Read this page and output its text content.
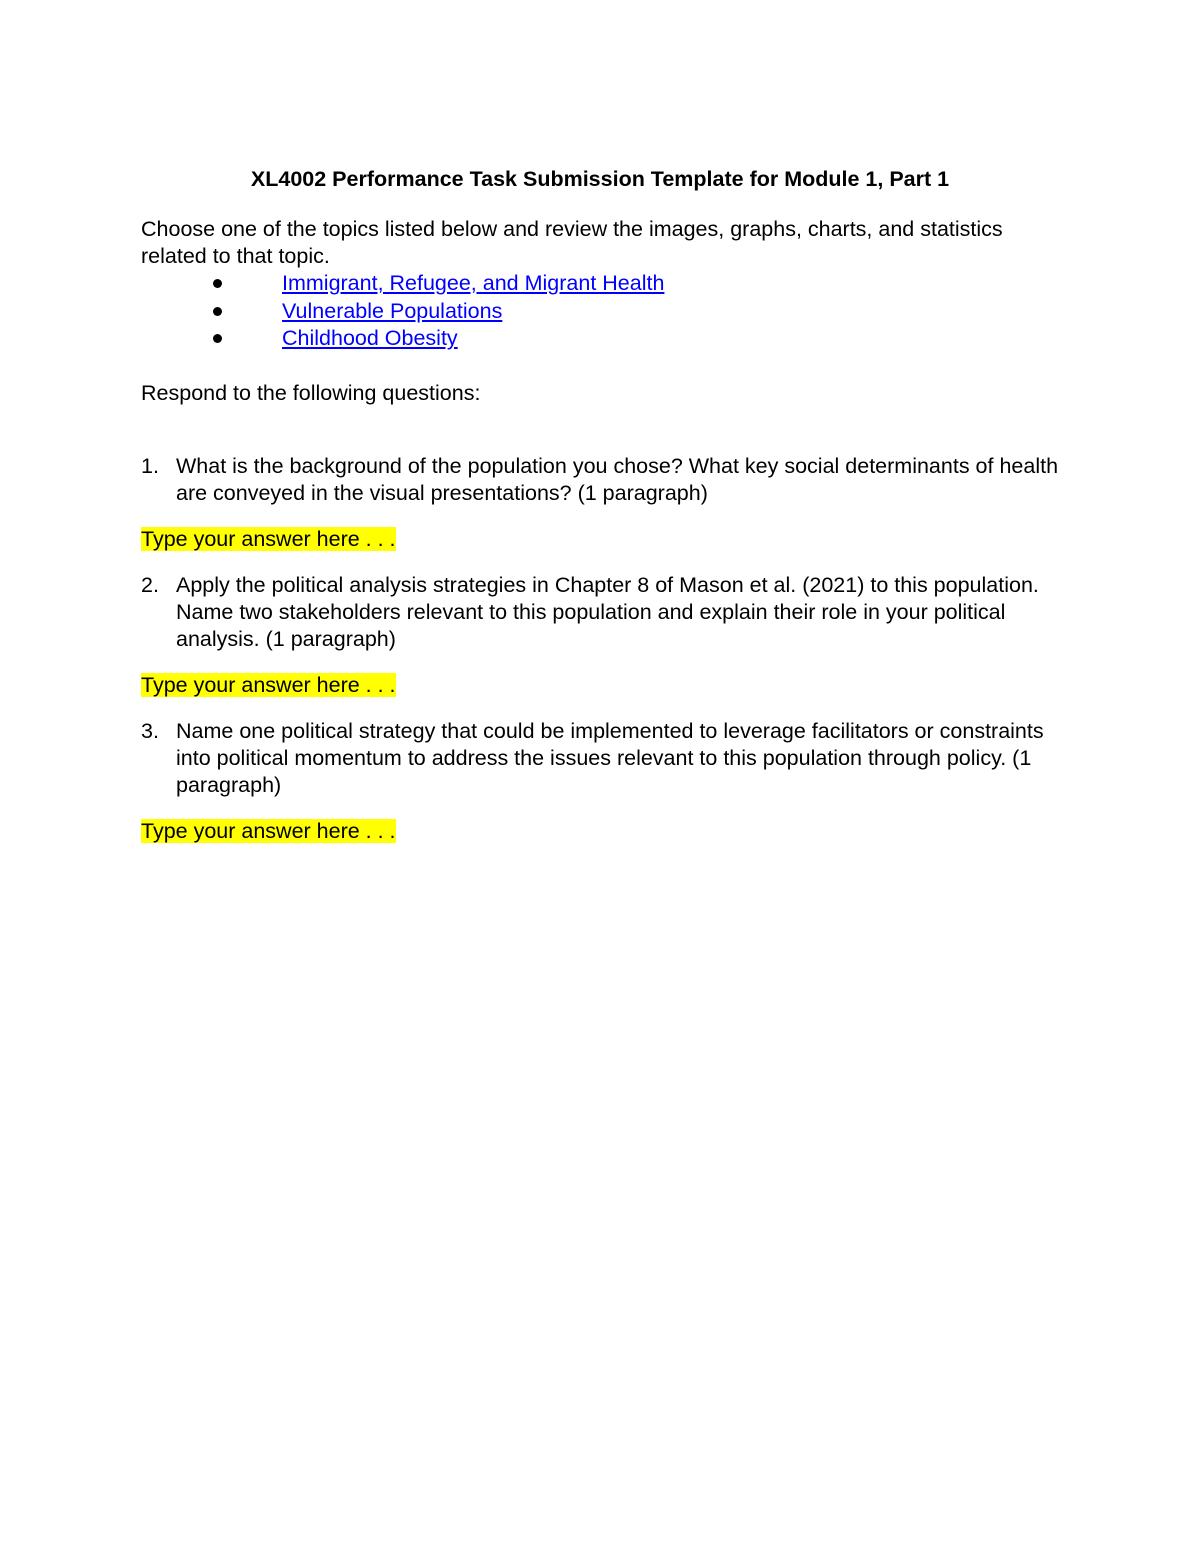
XL4002 Performance Task Submission Template for Module 1, Part 1

Choose one of the topics listed below and review the images, graphs, charts, and statistics related to that topic.

Immigrant, Refugee, and Migrant Health
Vulnerable Populations
Childhood Obesity

Respond to the following questions:

1. What is the background of the population you chose? What key social determinants of health are conveyed in the visual presentations? (1 paragraph)
Type your answer here . . .
2. Apply the political analysis strategies in Chapter 8 of Mason et al. (2021) to this population. Name two stakeholders relevant to this population and explain their role in your political analysis. (1 paragraph)
Type your answer here . . .
3. Name one political strategy that could be implemented to leverage facilitators or constraints into political momentum to address the issues relevant to this population through policy. (1 paragraph)
Type your answer here . . .
